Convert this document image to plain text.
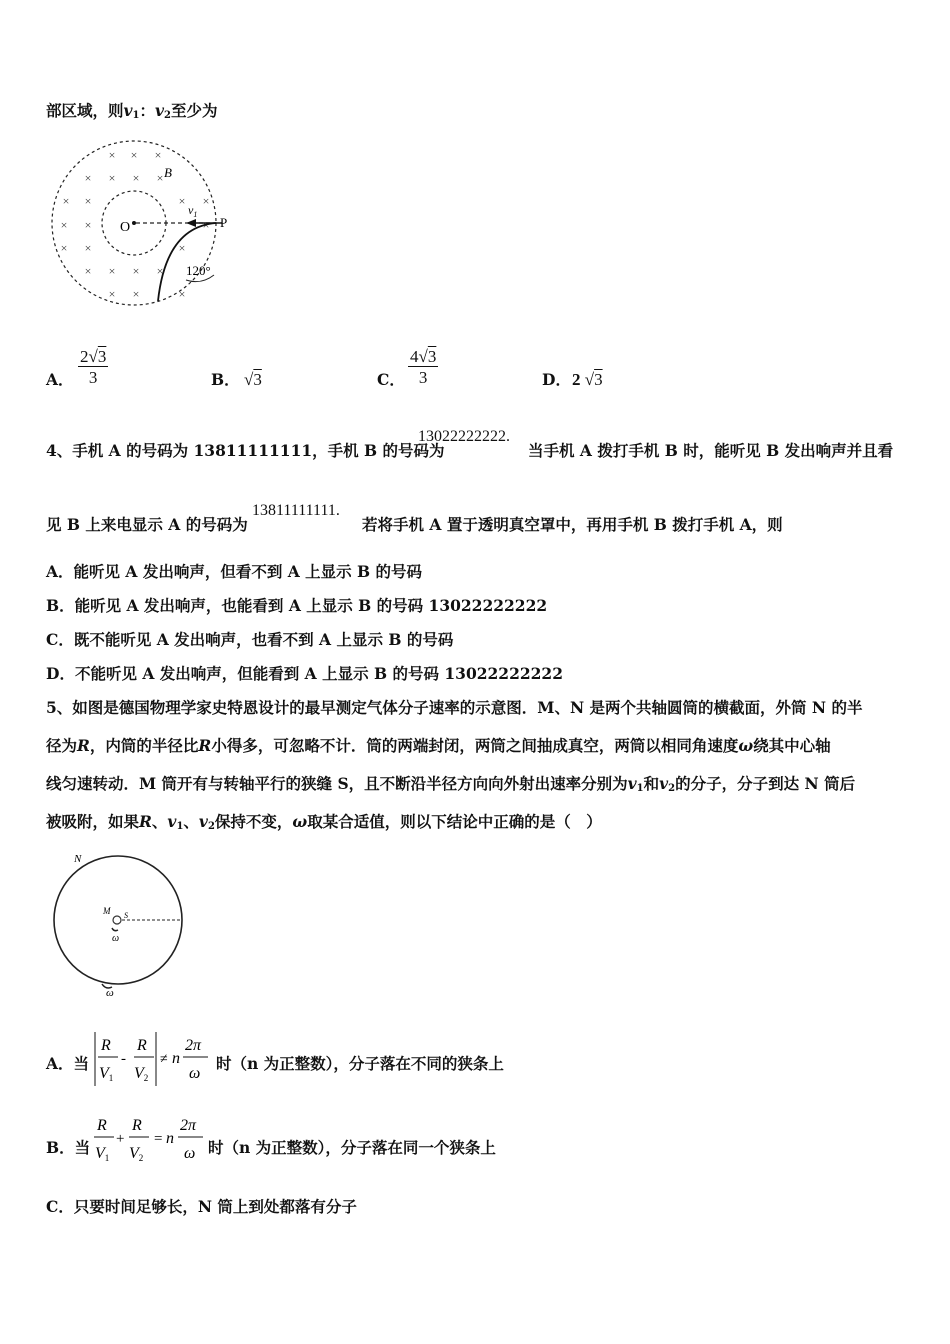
部区域，则$v_1$：$v_2$至少为
× × ×
× × × ×
× ×	× ×
× ×
× ×	×
× × × ×
× ×	×
×
B
O
$v_1$
P
120°
A． $\frac{2√3}{3}$	B． √3	C． $\frac{4√3}{3}$	D． 2 √3
4、手机 A 的号码为 13811111111，手机 B 的号码为
13022222222.
当手机 A 拨打手机 B 时，能听见 B 发出响声并且看
见 B 上来电显示 A 的号码为
13811111111.
若将手机 A 置于透明真空罩中，再用手机 B 拨打手机 A，则
A．能听见 A 发出响声，但看不到 A 上显示 B 的号码
B．能听见 A 发出响声，也能看到 A 上显示 B 的号码 13022222222
C．既不能听见 A 发出响声，也看不到 A 上显示 B 的号码
D．不能听见 A 发出响声，但能看到 A 上显示 B 的号码 13022222222
5、如图是德国物理学家史特恩设计的最早测定气体分子速率的示意图．M、N 是两个共轴圆筒的横截面，外筒 N 的半
径为R，内筒的半径比R小得多，可忽略不计．筒的两端封闭，两筒之间抽成真空，两筒以相同角速度ω绕其中心轴
线匀速转动．M 筒开有与转轴平行的狭缝 S，且不断沿半径方向向外射出速率分别为$v_1$和$v_2$的分子，分子到达 N 筒后
被吸附，如果R、$v_1$、$v_2$保持不变，ω取某合适值，则以下结论中正确的是（　）
N
M S
ω
ω
A．当
R
V1
-
R
V2
≠ n
2π
ω
时（n 为正整数），分子落在不同的狭条上
B．当
R
V1
+
R
V2
= n
2π
ω 时（n 为正整数），分子落在同一个狭条上
C．只要时间足够长，N 筒上到处都落有分子
